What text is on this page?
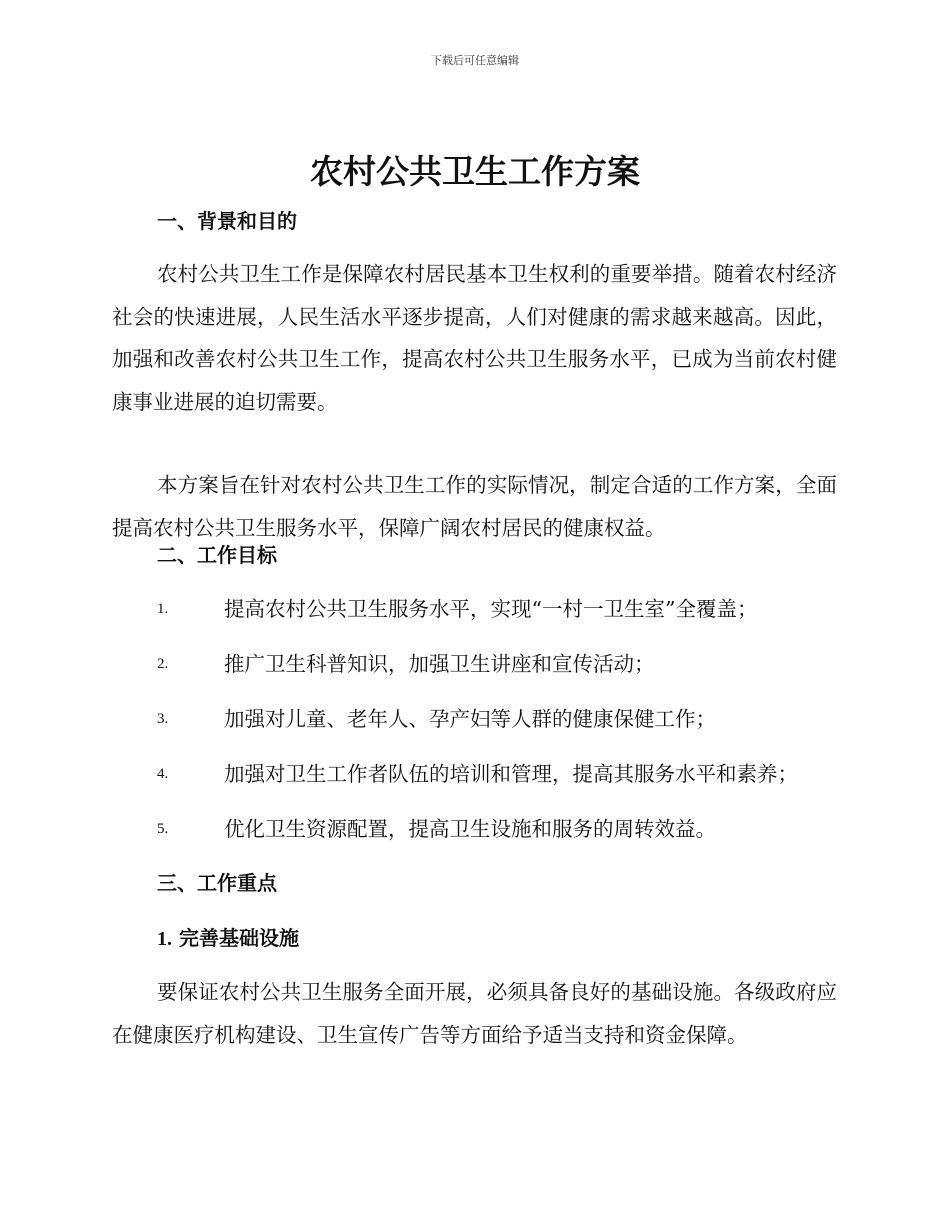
下载后可任意编辑
农村公共卫生工作方案
一、背景和目的

农村公共卫生工作是保障农村居民基本卫生权利的重要举措。随着农村经济社会的快速进展，人民生活水平逐步提高，人们对健康的需求越来越高。因此，加强和改善农村公共卫生工作，提高农村公共卫生服务水平，已成为当前农村健康事业进展的迫切需要。

本方案旨在针对农村公共卫生工作的实际情况，制定合适的工作方案，全面提高农村公共卫生服务水平，保障广阔农村居民的健康权益。

二、工作目标
1.	提高农村公共卫生服务水平，实现“一村一卫生室”全覆盖；
2.	推广卫生科普知识，加强卫生讲座和宣传活动；
3.	加强对儿童、老年人、孕产妇等人群的健康保健工作；
4.	加强对卫生工作者队伍的培训和管理，提高其服务水平和素养；
5.	优化卫生资源配置，提高卫生设施和服务的周转效益。
三、工作重点
1. 完善基础设施

要保证农村公共卫生服务全面开展，必须具备良好的基础设施。各级政府应在健康医疗机构建设、卫生宣传广告等方面给予适当支持和资金保障。
